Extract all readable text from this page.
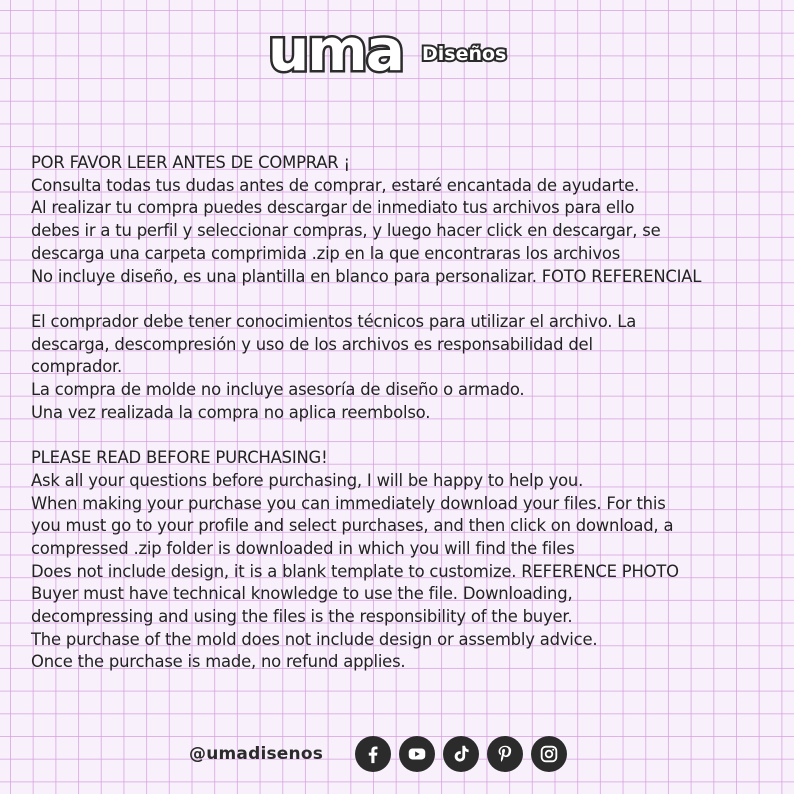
uma Diseños

POR FAVOR LEER ANTES DE COMPRAR ¡

Consulta todas tus dudas antes de comprar, estaré encantada de ayudarte.

Al realizar tu compra puedes descargar de inmediato tus archivos para ello

debes ir a tu perfil y seleccionar compras, y luego hacer click en descargar, se

descarga una carpeta comprimida .zip en la que encontraras los archivos

No incluye diseño, es una plantilla en blanco para personalizar. FOTO REFERENCIAL

El comprador debe tener conocimientos técnicos para utilizar el archivo. La

descarga, descompresión y uso de los archivos es responsabilidad del

comprador.

La compra de molde no incluye asesoría de diseño o armado.

Una vez realizada la compra no aplica reembolso.

PLEASE READ BEFORE PURCHASING!

Ask all your questions before purchasing, I will be happy to help you.

When making your purchase you can immediately download your files. For this

you must go to your profile and select purchases, and then click on download, a

compressed .zip folder is downloaded in which you will find the files

Does not include design, it is a blank template to customize. REFERENCE PHOTO

Buyer must have technical knowledge to use the file. Downloading,

decompressing and using the files is the responsibility of the buyer.

The purchase of the mold does not include design or assembly advice.

Once the purchase is made, no refund applies.

@umadisenos
